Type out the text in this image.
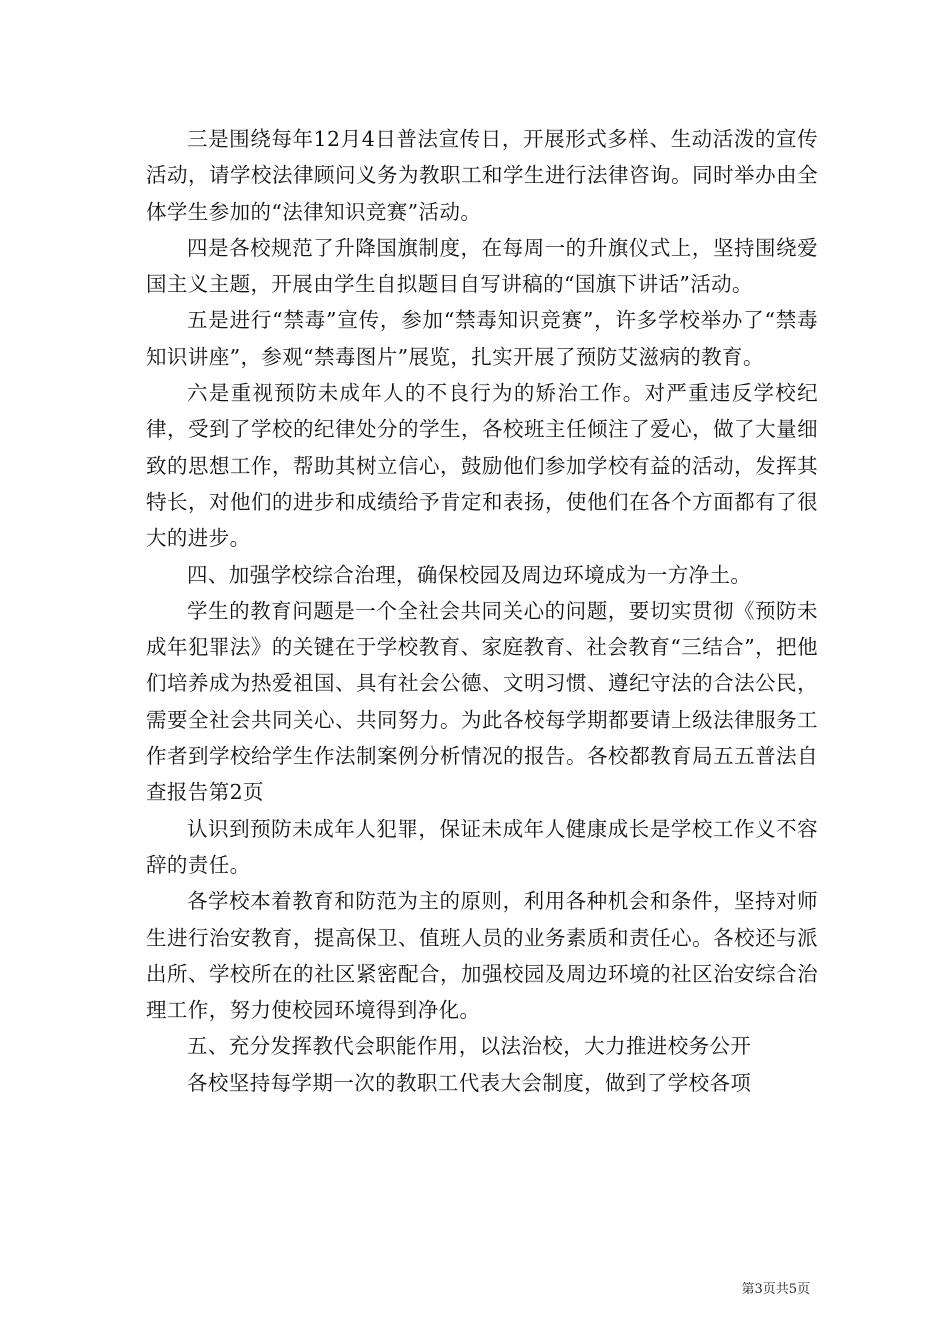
三是围绕每年12月4日普法宣传日，开展形式多样、生动活泼的宣传活动，请学校法律顾问义务为教职工和学生进行法律咨询。同时举办由全体学生参加的“法律知识竞赛”活动。

四是各校规范了升降国旗制度，在每周一的升旗仪式上，坚持围绕爱国主义主题，开展由学生自拟题目自写讲稿的“国旗下讲话”活动。

五是进行“禁毒”宣传，参加“禁毒知识竞赛”，许多学校举办了“禁毒知识讲座”，参观“禁毒图片”展览，扎实开展了预防艾滋病的教育。

六是重视预防未成年人的不良行为的矫治工作。对严重违反学校纪律，受到了学校的纪律处分的学生，各校班主任倾注了爱心，做了大量细致的思想工作，帮助其树立信心，鼓励他们参加学校有益的活动，发挥其特长，对他们的进步和成绩给予肯定和表扬，使他们在各个方面都有了很大的进步。

四、加强学校综合治理，确保校园及周边环境成为一方净土。

学生的教育问题是一个全社会共同关心的问题，要切实贯彻《预防未成年犯罪法》的关键在于学校教育、家庭教育、社会教育“三结合”，把他们培养成为热爱祖国、具有社会公德、文明习惯、遵纪守法的合法公民，需要全社会共同关心、共同努力。为此各校每学期都要请上级法律服务工作者到学校给学生作法制案例分析情况的报告。各校都教育局五五普法自查报告第2页

认识到预防未成年人犯罪，保证未成年人健康成长是学校工作义不容辞的责任。

各学校本着教育和防范为主的原则，利用各种机会和条件，坚持对师生进行治安教育，提高保卫、值班人员的业务素质和责任心。各校还与派出所、学校所在的社区紧密配合，加强校园及周边环境的社区治安综合治理工作，努力使校园环境得到净化。

五、充分发挥教代会职能作用，以法治校，大力推进校务公开

各校坚持每学期一次的教职工代表大会制度，做到了学校各项

第3页共5页
